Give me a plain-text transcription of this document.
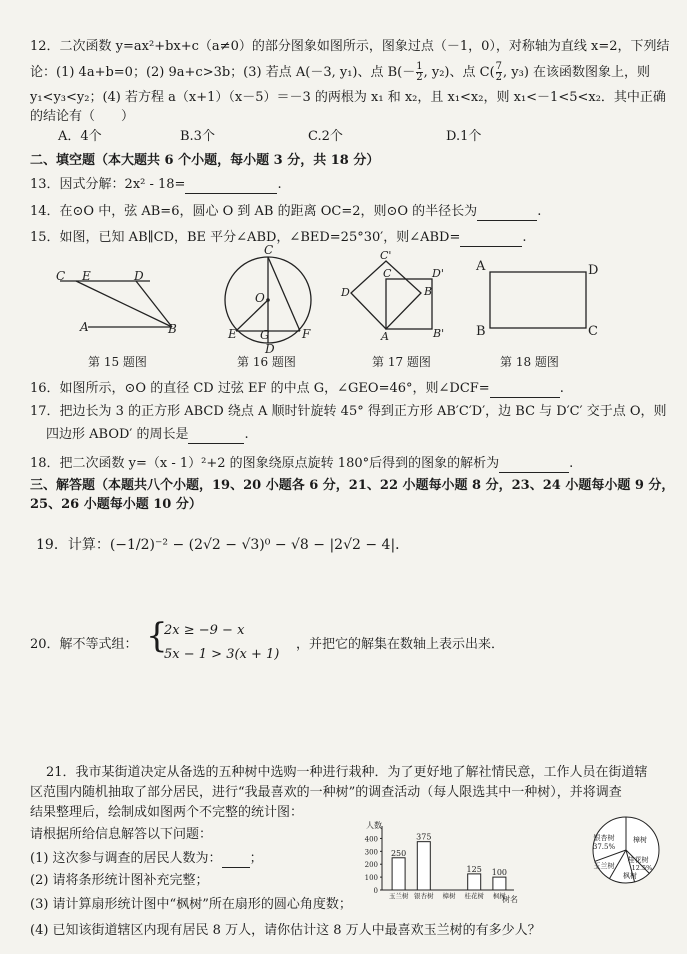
12．二次函数 y=ax²+bx+c（a≠0）的部分图象如图所示，图象过点（－1，0），对称轴为直线 x=2，下列结
论：(1) 4a+b=0；(2) 9a+c>3b；(3) 若点 A(－3, y₁)、点 $B(- \frac{1}{2}$ , y₂)、点 $C( \frac{7}{2}$ , y₃) 在该函数图象上，则
y₁<y₃<y₂；(4) 若方程 a（x+1）（x－5）＝－3 的两根为 x₁ 和 x₂，且 x₁<x₂，则 x₁<－1<5<x₂．其中正确
的结论有（　　）
A．4个	B.3个	C.2个	D.1个
二、填空题（本大题共 6 个小题，每小题 3 分，共 18 分）
13．因式分解：2x² - 18=	.
14．在⊙O 中，弦 AB=6，圆心 O 到 AB 的距离 OC=2，则⊙O 的半径长为	.
15．如图，已知 AB∥CD，BE 平分∠ABD，∠BED=25°30′，则∠ABD=	.
C E	D
A	B
C
O
E G	F
D
C'
D
C	D'
A
B
B'
A	D
B	C
第 15 题图	第 16 题图	第 17 题图	第 18 题图
16．如图所示，⊙O 的直径 CD 过弦 EF 的中点 G，∠GEO=46°，则∠DCF=	.
17．把边长为 3 的正方形 ABCD 绕点 A 顺时针旋转 45° 得到正方形 AB′C′D′，边 BC 与 D′C′ 交于点 O，则
四边形 ABOD′ 的周长是	.
18．把二次函数 y=（x - 1）²+2 的图象绕原点旋转 180°后得到的图象的解析为	.
三、解答题（本题共八个小题，19、20 小题各 6 分，21、22 小题每小题 8 分，23、24 小题每小题 9 分，
25、26 小题每小题 10 分）
19．计算：(−1/2)⁻² − (2√2 − √3)⁰ − √8 − |2√2 − 4|．
20．解不等式组： {
2x ≥ −9 − x
5x − 1 > 3(x + 1)
，并把它的解集在数轴上表示出来．
21．我市某街道决定从备选的五种树中选购一种进行栽种．为了更好地了解社情民意，工作人员在街道辖
区范围内随机抽取了部分居民，进行“我最喜欢的一种树”的调查活动（每人限选其中一种树），并将调查
结果整理后，绘制成如图两个不完整的统计图：
请根据所给信息解答以下问题：
(1) 这次参与调查的居民人数为： ；
(2) 请将条形统计图补充完整；
(3) 请计算扇形统计图中“枫树”所在扇形的圆心角度数；
(4) 已知该街道辖区内现有居民 8 万人，请你估计这 8 万人中最喜欢玉兰树的有多少人？
人数
树名
0
100
200
300
400
250
玉兰树
375
银杏树 樟树
125
桂花树
100
枫树
银杏树	樟树
桂花树
枫树
玉兰树
37.5%
12.5%
